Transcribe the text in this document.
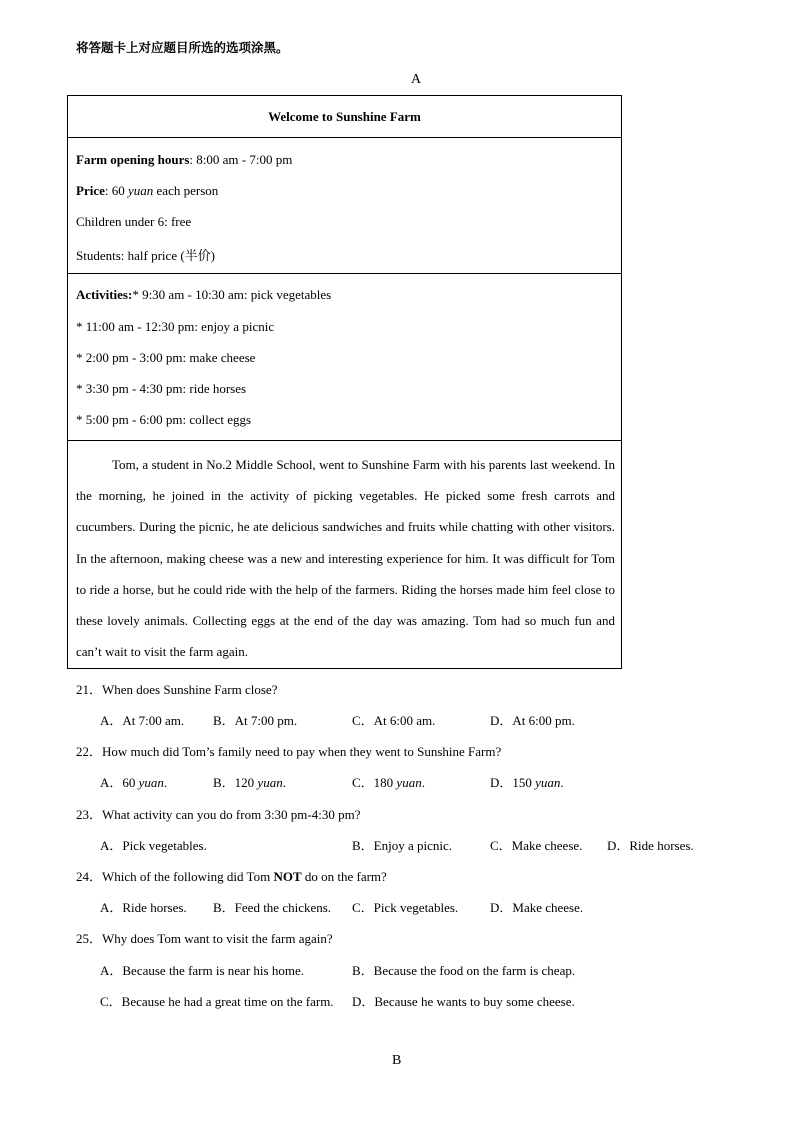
将答题卡上对应题目所选的选项涂黑。
A
Welcome to Sunshine Farm
Farm opening hours: 8:00 am - 7:00 pm
Price: 60 yuan each person
Children under 6: free
Students: half price (半价)
Activities:* 9:30 am - 10:30 am: pick vegetables
* 11:00 am - 12:30 pm: enjoy a picnic
* 2:00 pm - 3:00 pm: make cheese
* 3:30 pm - 4:30 pm: ride horses
* 5:00 pm - 6:00 pm: collect eggs

Tom, a student in No.2 Middle School, went to Sunshine Farm with his parents last weekend. In the morning, he joined in the activity of picking vegetables. He picked some fresh carrots and cucumbers. During the picnic, he ate delicious sandwiches and fruits while chatting with other visitors. In the afternoon, making cheese was a new and interesting experience for him. It was difficult for Tom to ride a horse, but he could ride with the help of the farmers. Riding the horses made him feel close to these lovely animals. Collecting eggs at the end of the day was amazing. Tom had so much fun and can’t wait to visit the farm again.

21．When does Sunshine Farm close?
A．At 7:00 am. B．At 7:00 pm.	C．At 6:00 am.	D．At 6:00 pm.
22．How much did Tom’s family need to pay when they went to Sunshine Farm?
A．60 yuan.	B．120 yuan.	C．180 yuan.	D．150 yuan.
23．What activity can you do from 3:30 pm-4:30 pm?
A．Pick vegetables.	B．Enjoy a picnic.	C．Make cheese. D．Ride horses.
24．Which of the following did Tom NOT do on the farm?
A．Ride horses. B．Feed the chickens. C．Pick vegetables. D．Make cheese.
25．Why does Tom want to visit the farm again?
A．Because the farm is near his home.	B．Because the food on the farm is cheap.
C．Because he had a great time on the farm. D．Because he wants to buy some cheese.
B
